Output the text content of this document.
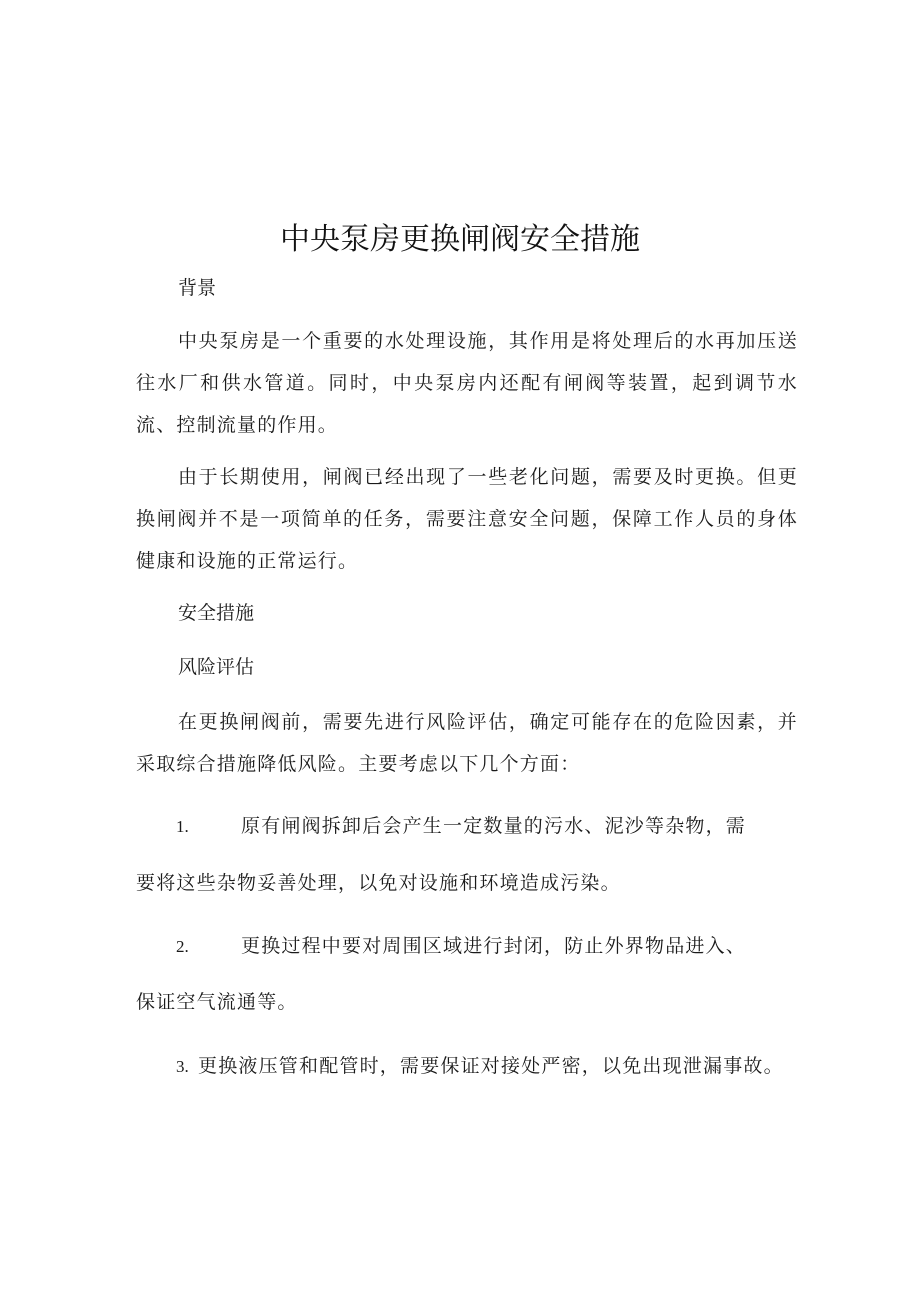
中央泵房更换闸阀安全措施

背景

中央泵房是一个重要的水处理设施，其作用是将处理后的水再加压送往水厂和供水管道。同时，中央泵房内还配有闸阀等装置，起到调节水流、控制流量的作用。

由于长期使用，闸阀已经出现了一些老化问题，需要及时更换。但更换闸阀并不是一项简单的任务，需要注意安全问题，保障工作人员的身体健康和设施的正常运行。

安全措施

风险评估

在更换闸阀前，需要先进行风险评估，确定可能存在的危险因素，并采取综合措施降低风险。主要考虑以下几个方面：

1.	原有闸阀拆卸后会产生一定数量的污水、泥沙等杂物，需

要将这些杂物妥善处理，以免对设施和环境造成污染。

2.	更换过程中要对周围区域进行封闭，防止外界物品进入、

保证空气流通等。

3. 更换液压管和配管时，需要保证对接处严密，以免出现泄漏事故。
